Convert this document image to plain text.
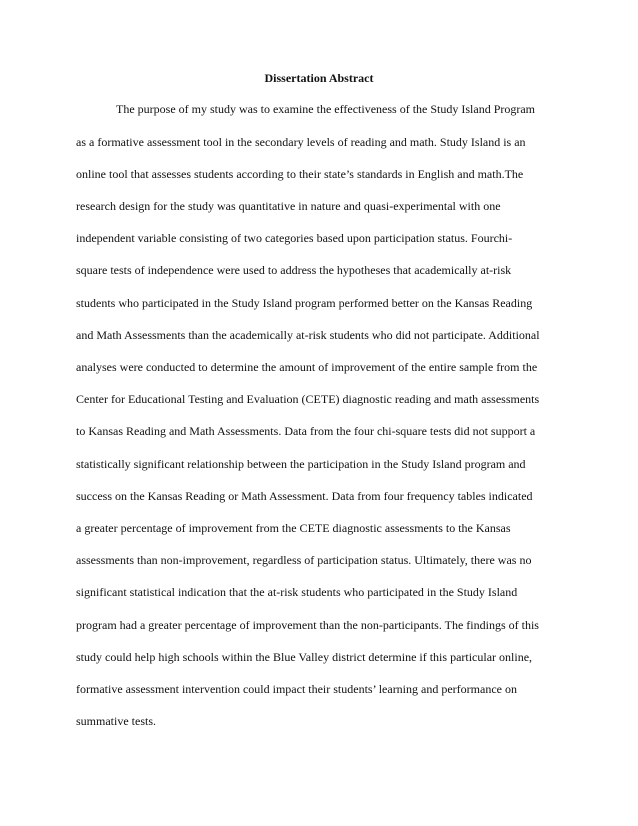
Dissertation Abstract
The purpose of my study was to examine the effectiveness of the Study Island Program
as a formative assessment tool in the secondary levels of reading and math. Study Island is an
online tool that assesses students according to their state’s standards in English and math.The
research design for the study was quantitative in nature and quasi-experimental with one
independent variable consisting of two categories based upon participation status. Fourchi-
square tests of independence were used to address the hypotheses that academically at-risk
students who participated in the Study Island program performed better on the Kansas Reading
and Math Assessments than the academically at-risk students who did not participate. Additional
analyses were conducted to determine the amount of improvement of the entire sample from the
Center for Educational Testing and Evaluation (CETE) diagnostic reading and math assessments
to Kansas Reading and Math Assessments. Data from the four chi-square tests did not support a
statistically significant relationship between the participation in the Study Island program and
success on the Kansas Reading or Math Assessment. Data from four frequency tables indicated
a greater percentage of improvement from the CETE diagnostic assessments to the Kansas
assessments than non-improvement, regardless of participation status. Ultimately, there was no
significant statistical indication that the at-risk students who participated in the Study Island
program had a greater percentage of improvement than the non-participants. The findings of this
study could help high schools within the Blue Valley district determine if this particular online,
formative assessment intervention could impact their students’ learning and performance on
summative tests.
